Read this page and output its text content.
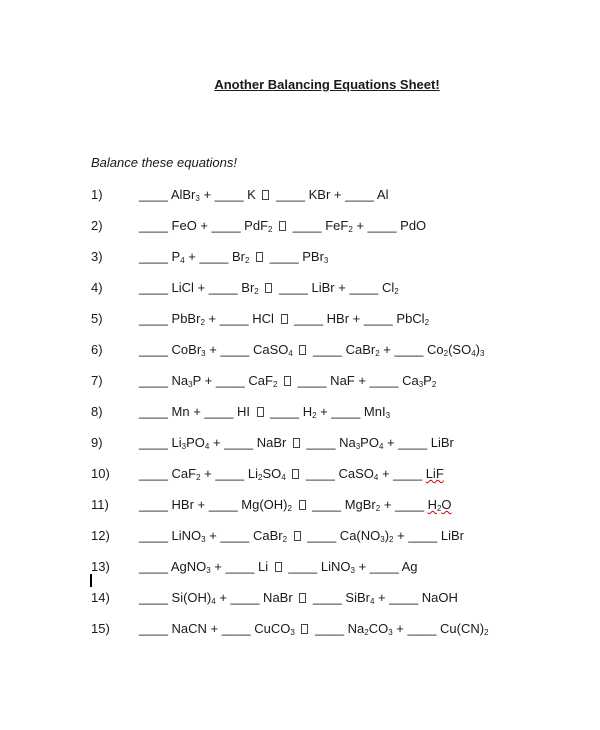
Another Balancing Equations Sheet!
Balance these equations!
1)	____ AlBr$_3$ + ____ K  ____ KBr + ____ Al
2)	____ FeO + ____ PdF$_2$  ____ FeF$_2$ + ____ PdO
3)	____ $P_4$ + ____ $Br_2$  ____ PBr$_3$
4)	____ LiCl + ____ $Br_2$  ____ LiBr + ____ $Cl_2$
5)	____ PbBr$_2$ + ____ HCl  ____ HBr + ____ PbCl$_2$
6)	____ CoBr$_3$ + ____ CaSO$_4$  ____ CaBr$_2$ + ____ $Co_2(SO_4)_3$
7)	____ $Na_3P$ + ____ CaF$_2$  ____ NaF + ____ $Ca_3P_2$
8)	____ Mn + ____ HI  ____ $H_2$ + ____ MnI$_3$
9)	____ $Li_3PO_4$ + ____ NaBr  ____ $Na_3PO_4$ + ____ LiBr
10) ____ CaF$_2$ + ____ $Li_2SO_4$  ____ CaSO$_4$ + ____ LiF
11) ____ HBr + ____ $Mg(OH)_2$  ____ MgBr$_2$ + ____ $H_2O$
12) ____ LiNO$_3$ + ____ CaBr$_2$  ____ $Ca(NO_3)_2$ + ____ LiBr
13) ____ AgNO$_3$ + ____ Li  ____ LiNO$_3$ + ____ Ag
14) ____ $Si(OH)_4$ + ____ NaBr  ____ SiBr$_4$ + ____ NaOH
15) ____ NaCN + ____ CuCO$_3$  ____ $Na_2CO_3$ + ____ $Cu(CN)_2$
